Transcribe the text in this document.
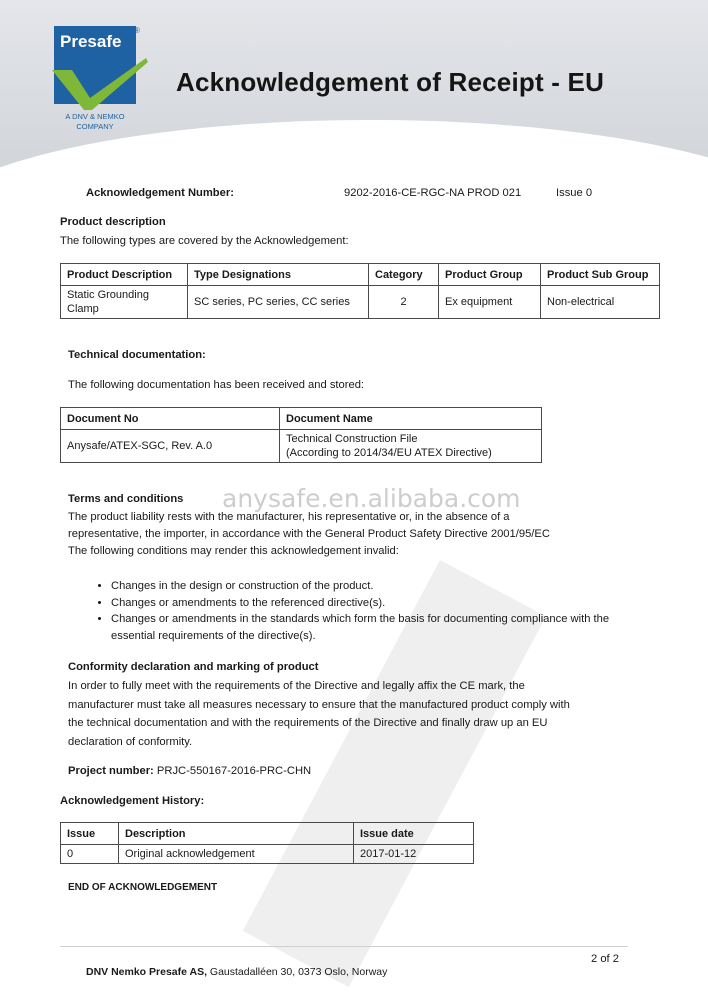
Presafe
®
A DNV & NEMKO
COMPANY
Acknowledgement of Receipt - EU
anysafe.en.alibaba.com
Acknowledgement Number:	9202-2016-CE-RGC-NA PROD 021	Issue 0
Product description
The following types are covered by the Acknowledgement:
Product Description	Type Designations	Category	Product Group	Product Sub Group
Static Grounding Clamp	SC series, PC series, CC series	2	Ex equipment	Non-electrical
Technical documentation:
The following documentation has been received and stored:
Document No	Document Name
Anysafe/ATEX-SGC, Rev. A.0	Technical Construction File
(According to 2014/34/EU ATEX Directive)
Terms and conditions
The product liability rests with the manufacturer, his representative or, in the absence of a
representative, the importer, in accordance with the General Product Safety Directive 2001/95/EC
The following conditions may render this acknowledgement invalid:
• Changes in the design or construction of the product.
• Changes or amendments to the referenced directive(s).
• Changes or amendments in the standards which form the basis for documenting compliance with the essential requirements of the directive(s).
Conformity declaration and marking of product
In order to fully meet with the requirements of the Directive and legally affix the CE mark, the
manufacturer must take all measures necessary to ensure that the manufactured product comply with
the technical documentation and with the requirements of the Directive and finally draw up an EU
declaration of conformity.
Project number: PRJC-550167-2016-PRC-CHN
Acknowledgement History:
Issue	Description	Issue date
0	Original acknowledgement	2017-01-12
END OF ACKNOWLEDGEMENT
2 of 2
DNV Nemko Presafe AS, Gaustadalléen 30, 0373 Oslo, Norway
